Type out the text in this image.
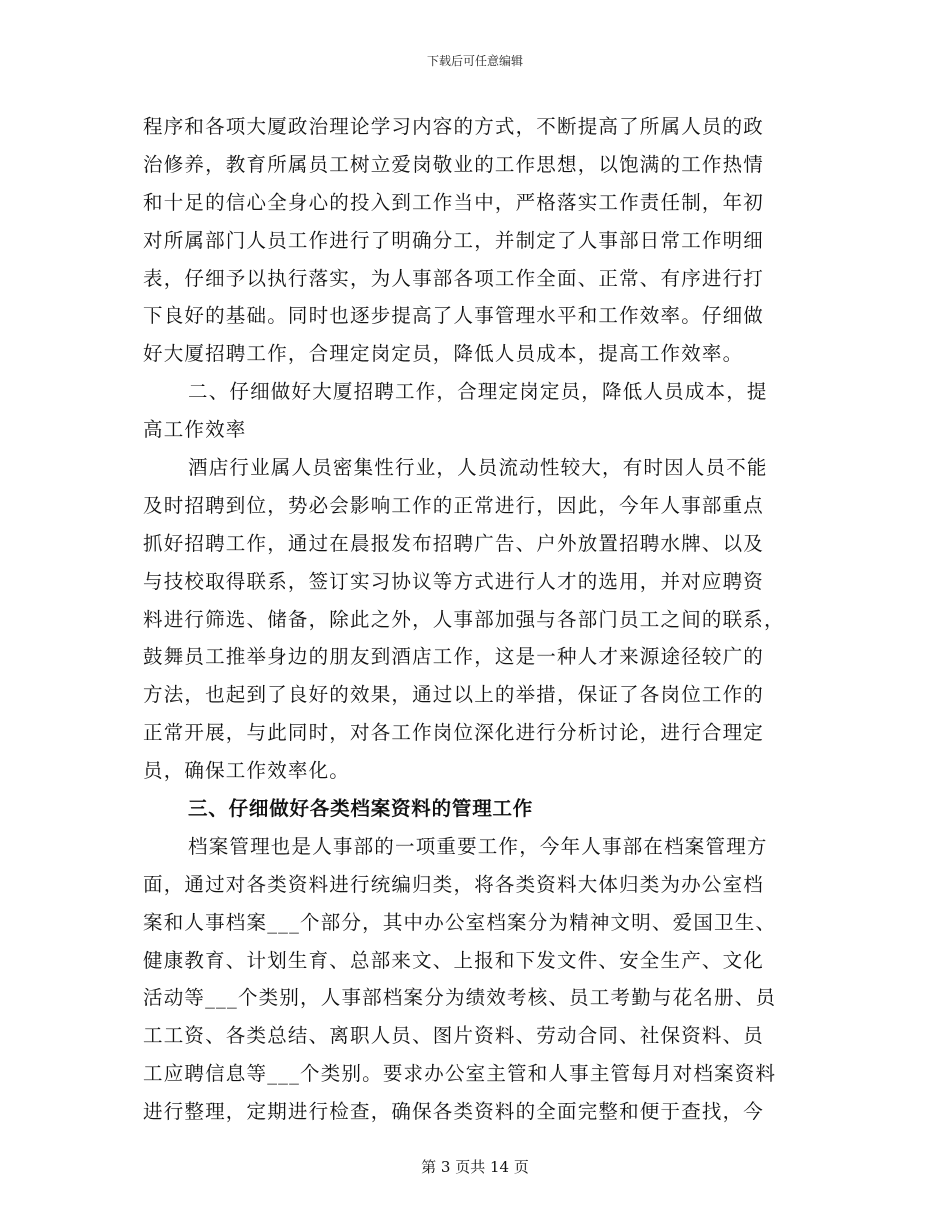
下载后可任意编辑
程序和各项大厦政治理论学习内容的方式，不断提高了所属人员的政
治修养，教育所属员工树立爱岗敬业的工作思想，以饱满的工作热情
和十足的信心全身心的投入到工作当中，严格落实工作责任制，年初
对所属部门人员工作进行了明确分工，并制定了人事部日常工作明细
表，仔细予以执行落实，为人事部各项工作全面、正常、有序进行打
下良好的基础。同时也逐步提高了人事管理水平和工作效率。仔细做
好大厦招聘工作，合理定岗定员，降低人员成本，提高工作效率。
二、仔细做好大厦招聘工作，合理定岗定员，降低人员成本，提
高工作效率
酒店行业属人员密集性行业，人员流动性较大，有时因人员不能
及时招聘到位，势必会影响工作的正常进行，因此，今年人事部重点
抓好招聘工作，通过在晨报发布招聘广告、户外放置招聘水牌、以及
与技校取得联系，签订实习协议等方式进行人才的选用，并对应聘资
料进行筛选、储备，除此之外，人事部加强与各部门员工之间的联系，
鼓舞员工推举身边的朋友到酒店工作，这是一种人才来源途径较广的
方法，也起到了良好的效果，通过以上的举措，保证了各岗位工作的
正常开展，与此同时，对各工作岗位深化进行分析讨论，进行合理定
员，确保工作效率化。
三、仔细做好各类档案资料的管理工作
档案管理也是人事部的一项重要工作，今年人事部在档案管理方
面，通过对各类资料进行统编归类，将各类资料大体归类为办公室档
案和人事档案___个部分，其中办公室档案分为精神文明、爱国卫生、
健康教育、计划生育、总部来文、上报和下发文件、安全生产、文化
活动等___个类别，人事部档案分为绩效考核、员工考勤与花名册、员
工工资、各类总结、离职人员、图片资料、劳动合同、社保资料、员
工应聘信息等___个类别。要求办公室主管和人事主管每月对档案资料
进行整理，定期进行检查，确保各类资料的全面完整和便于查找，今
第 3 页共 14 页
